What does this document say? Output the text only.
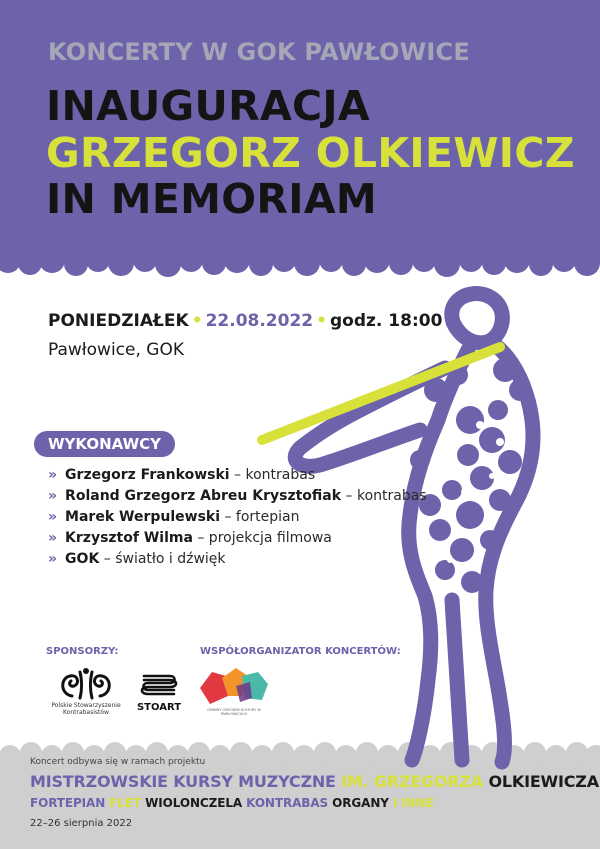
KONCERTY W GOK PAWŁOWICE
INAUGURACJA
GRZEGORZ OLKIEWICZ
IN MEMORIAM
PONIEDZIAŁEK • 22.08.2022 • godz. 18:00
Pawłowice, GOK
WYKONAWCY
» Grzegorz Frankowski – kontrabas
» Roland Grzegorz Abreu Krysztofiak – kontrabas
» Marek Werpulewski – fortepian
» Krzysztof Wilma – projekcja filmowa
» GOK – światło i dźwięk
SPONSORZY:	WSPÓŁORGANIZATOR KONCERTÓW:
Polskie Stowarzyszenie Kontrabasistów	STOART	GMINNY OŚRODEK KULTURY W PAWŁOWICACH
Koncert odbywa się w ramach projektu
MISTRZOWSKIE KURSY MUZYCZNE IM. GRZEGORZA OLKIEWICZA
FORTEPIAN FLET WIOLONCZELA KONTRABAS ORGANY I INNE
22–26 sierpnia 2022
